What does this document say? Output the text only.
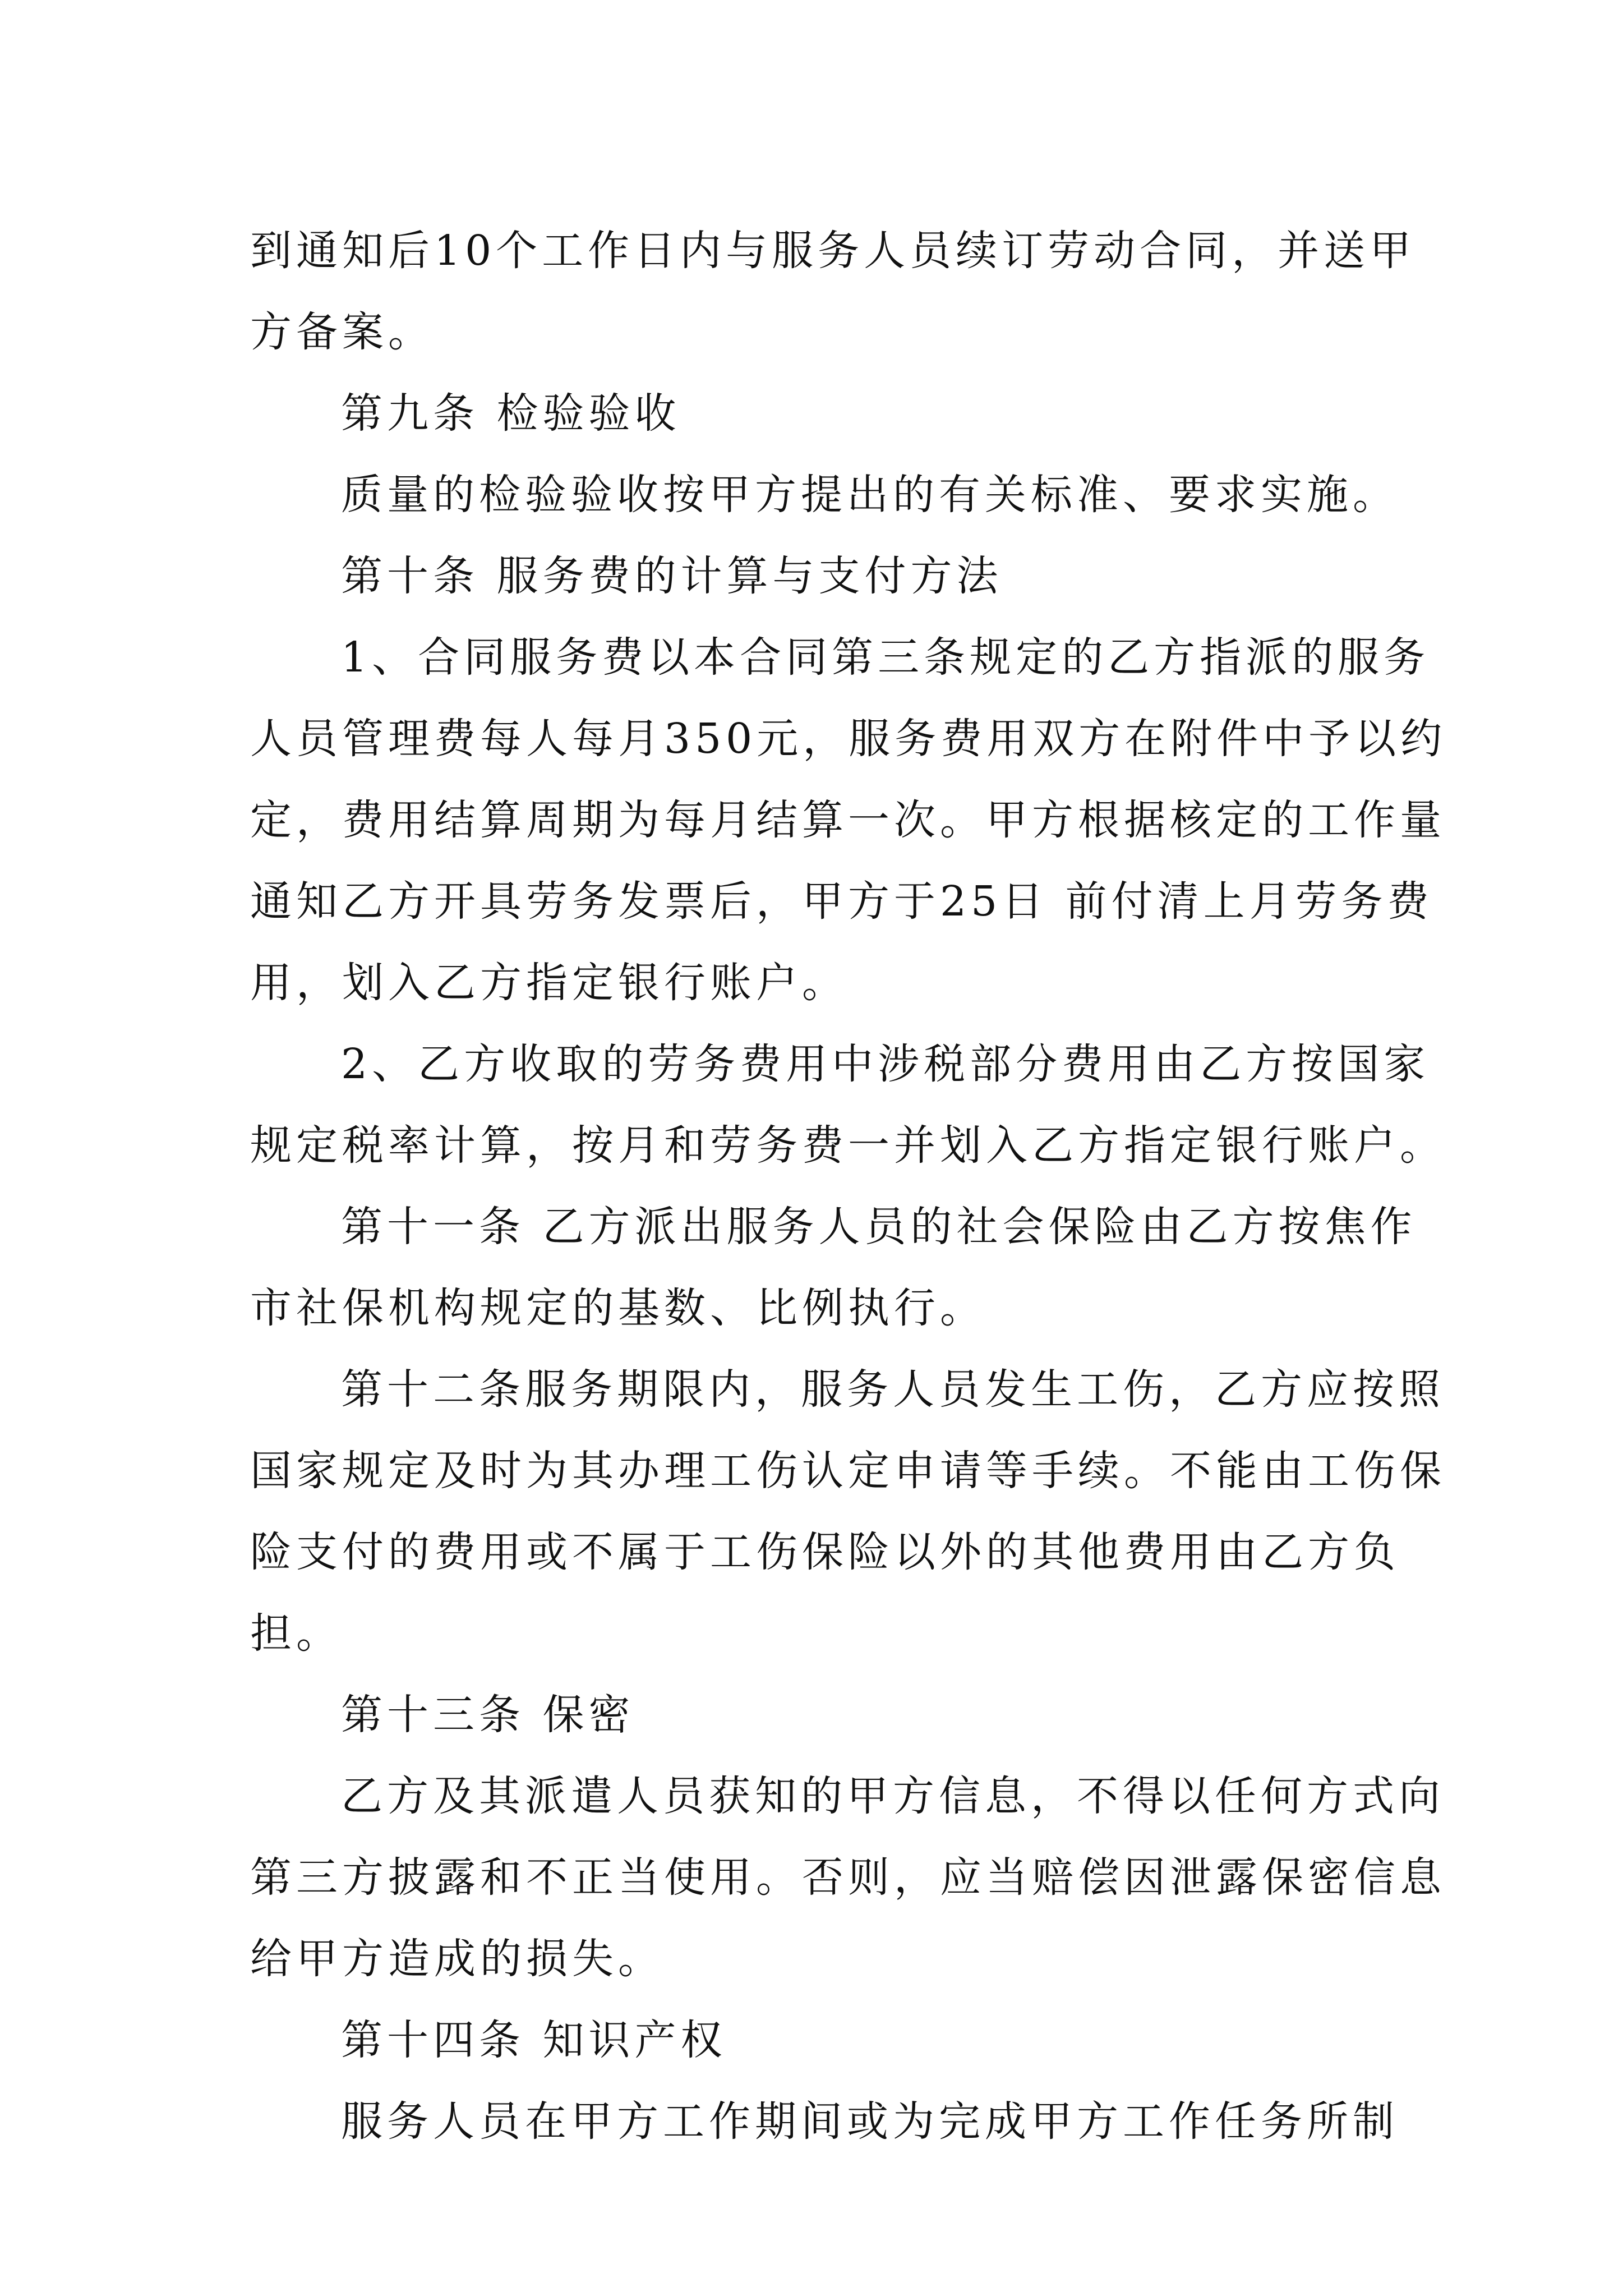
到通知后10个工作日内与服务人员续订劳动合同，并送甲
方备案。
第九条 检验验收
质量的检验验收按甲方提出的有关标准、要求实施。
第十条 服务费的计算与支付方法
1、合同服务费以本合同第三条规定的乙方指派的服务
人员管理费每人每月350元，服务费用双方在附件中予以约
定，费用结算周期为每月结算一次。甲方根据核定的工作量
通知乙方开具劳务发票后，甲方于25日 前付清上月劳务费
用，划入乙方指定银行账户。
2、乙方收取的劳务费用中涉税部分费用由乙方按国家
规定税率计算，按月和劳务费一并划入乙方指定银行账户。
第十一条 乙方派出服务人员的社会保险由乙方按焦作
市社保机构规定的基数、比例执行。
第十二条服务期限内，服务人员发生工伤，乙方应按照
国家规定及时为其办理工伤认定申请等手续。不能由工伤保
险支付的费用或不属于工伤保险以外的其他费用由乙方负
担。
第十三条 保密
乙方及其派遣人员获知的甲方信息，不得以任何方式向
第三方披露和不正当使用。否则，应当赔偿因泄露保密信息
给甲方造成的损失。
第十四条 知识产权
服务人员在甲方工作期间或为完成甲方工作任务所制
